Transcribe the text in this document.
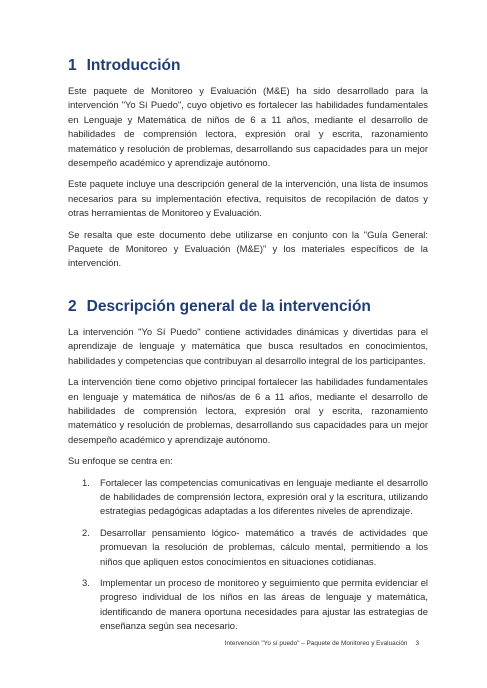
1 Introducción

Este paquete de Monitoreo y Evaluación (M&E) ha sido desarrollado para la intervención "Yo Sí Puedo", cuyo objetivo es fortalecer las habilidades fundamentales en Lenguaje y Matemática de niños de 6 a 11 años, mediante el desarrollo de habilidades de comprensión lectora, expresión oral y escrita, razonamiento matemático y resolución de problemas, desarrollando sus capacidades para un mejor desempeño académico y aprendizaje autónomo.

Este paquete incluye una descripción general de la intervención, una lista de insumos necesarios para su implementación efectiva, requisitos de recopilación de datos y otras herramientas de Monitoreo y Evaluación.

Se resalta que este documento debe utilizarse en conjunto con la "Guía General: Paquete de Monitoreo y Evaluación (M&E)" y los materiales específicos de la intervención.

2 Descripción general de la intervención

La intervención "Yo Sí Puedo" contiene actividades dinámicas y divertidas para el aprendizaje de lenguaje y matemática que busca resultados en conocimientos, habilidades y competencias que contribuyan al desarrollo integral de los participantes.

La intervención tiene como objetivo principal fortalecer las habilidades fundamentales en lenguaje y matemática de niños/as de 6 a 11 años, mediante el desarrollo de habilidades de comprensión lectora, expresión oral y escrita, razonamiento matemático y resolución de problemas, desarrollando sus capacidades para un mejor desempeño académico y aprendizaje autónomo.

Su enfoque se centra en:

1.	Fortalecer las competencias comunicativas en lenguaje mediante el desarrollo de habilidades de comprensión lectora, expresión oral y la escritura, utilizando estrategias pedagógicas adaptadas a los diferentes niveles de aprendizaje.
2.	Desarrollar pensamiento lógico- matemático a través de actividades que promuevan la resolución de problemas, cálculo mental, permitiendo a los niños que apliquen estos conocimientos en situaciones cotidianas.
3.	Implementar un proceso de monitoreo y seguimiento que permita evidenciar el progreso individual de los niños en las áreas de lenguaje y matemática, identificando de manera oportuna necesidades para ajustar las estrategias de enseñanza según sea necesario.
Intervención "Yo sí puedo" – Paquete de Monitoreo y Evaluación 3
